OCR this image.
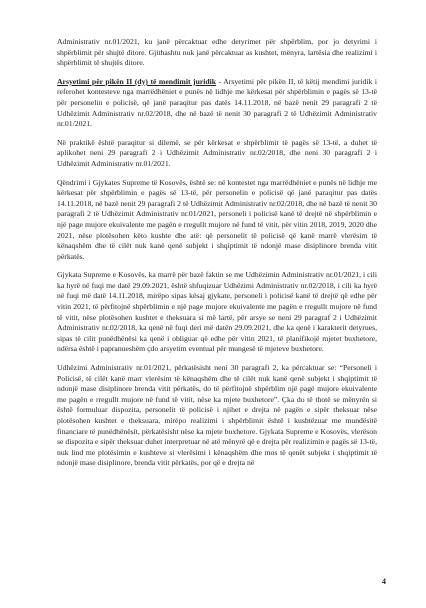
Administrativ nr.01/2021, ku janë përcaktuar edhe detyrimet për shpërblim, por jo detyrimi i shpërblimit për shujtë ditore. Gjithashtu nuk janë përcaktuar as kushtet, mënyra, lartësia dhe realizimi i shpërblimit të shujtës ditore.

Arsyetimi për pikën II (dy) të mendimit juridik - Arsyetimi për pikën II, të këtij mendimi juridik i referohet kontesteve nga marrëdhëniet e punës në lidhje me kërkesat për shpërblimin e pagës së 13-të për personelin e policisë, që janë paraqitur pas datës 14.11.2018, në bazë nenit 29 paragrafi 2 të Udhëzimit Administrativ nr.02/2018, dhe në bazë të nenit 30 paragrafi 2 të Udhëzimit Administrativ nr.01/2021.

Në praktikë është paraqitur si dilemë, se për kërkesat e shpërblimit të pagës së 13-të, a duhet të aplikohet neni 29 paragrafi 2 i Udhëzimit Administrativ nr.02/2018, dhe neni 30 paragrafi 2 i Udhëzimit Administrativ nr.01/2021.

Qëndrimi i Gjykates Supreme të Kosovës, është se: në kontestet nga marrëdhëniet e punës në lidhje me kërkesat për shpërblimin e pagës së 13-të, për personelin e policisë që janë paraqitur pas datës 14.11.2018, në bazë nenit 29 paragrafi 2 të Udhëzimit Administrativ nr.02/2018, dhe në bazë të nenit 30 paragrafi 2 të Udhëzimit Administrativ nr.01/2021, personeli i policisë kanë të drejtë në shpërblimin e një page mujore ekuivalente me pagën e rregullt mujore në fund të vitit, për vitin 2018, 2019, 2020 dhe 2021, nëse plotësohen këto kushte dhe atë: që personelit të policisë që kanë marrë vlerësim të kënaqshëm dhe të cilët nuk kanë qenë subjekt i shqiptimit të ndonjë mase disiplinore brenda vitit përkatës.

Gjykata Supreme e Kosovës, ka marrë për bazë faktin se me Udhëzimin Administrativ nr.01/2021, i cili ka hyrë në fuqi me datë 29.09.2021, është shfuqizuar Udhëzimi Administrativ nr.02/2018, i cili ka hyrë në fuqi më datë 14.11.2018, mirëpo sipas kësaj gjykate, personeli i policisë kanë të drejtë që edhe për vitin 2021, të përfitojnë shpërblimin e një page mujore ekuivalente me pagën e rregullt mujore në fund të vitit, nëse plotësohen kushtet e theksuara si më lartë, për arsye se neni 29 paragraf 2 i Udhëzimit Administrativ nr.02/2018, ka qenë në fuqi deri më datën 29.09.2021, dhe ka qenë i karakterit detyrues, sipas të cilit punëdhënësi ka qenë i obliguar që edhe për vitin 2021, të planifikojë mjetet buxhetore, ndërsa është i papranueshëm çdo arsyetim eventual për mungesë të mjeteve buxhetore.

Udhëzimi Administrativ nr.01/2021, përkatësisht neni 30 paragrafi 2, ka përcaktuar se: “Personeli i Policisë, të cilët kanë marr vlerësim të kënaqshëm dhe të cilët nuk kanë qenë subjekt i shqiptimit të ndonjë mase disiplinore brenda vitit përkatës, do të përfitojnë shpërblim një pagë mujore ekuivalente me pagën e rregullt mujore në fund të vitit, nëse ka mjete buxhetore”. Çka do të thotë se mënyrën si është formuluar dispozita, personelit të policisë i njihet e drejta në pagën e sipër theksuar nëse plotësohen kushtet e theksuara, mirëpo realizimi i shpërblimit është i kushtëzuar me mundësitë financiare të punëdhënësit, përkatësisht nëse ka mjete buxhetore. Gjykata Supreme e Kosovës, vlerëson se dispozita e sipër theksuar duhet interpretuar në atë mënyrë që e drejta për realizimin e pagës së 13-të, nuk lind me plotësimin e kushteve si vlerësimi i kënaqshëm dhe mos të qenët subjekt i shqiptimit të ndonjë mase disiplinore, brenda vitit përkatës, por që e drejta në

4
